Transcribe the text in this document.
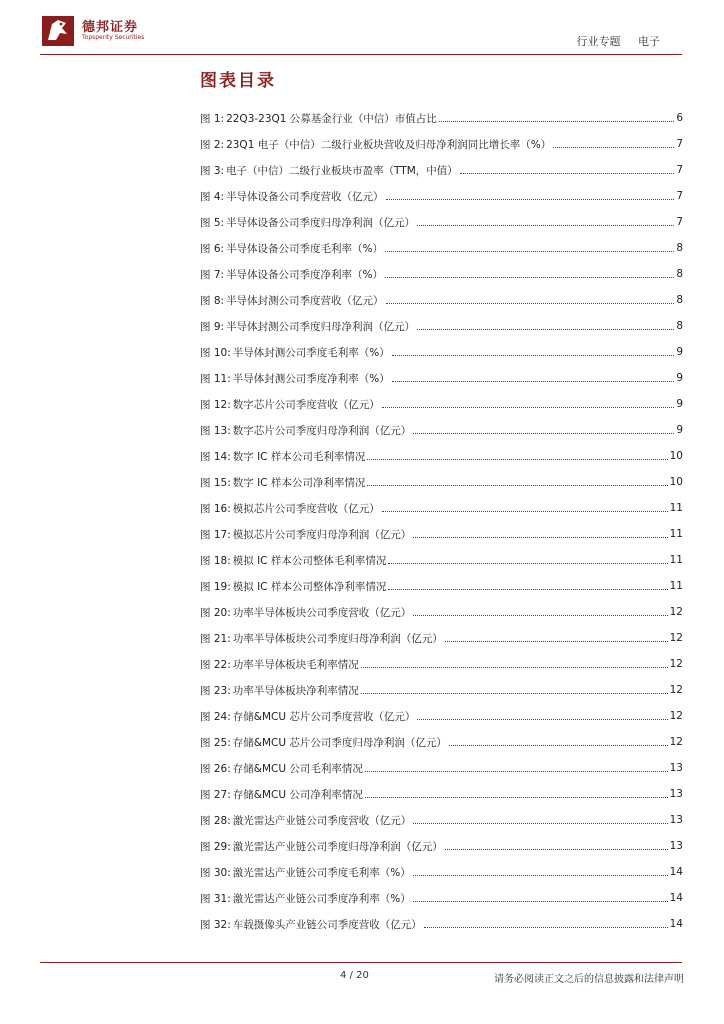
德邦证券
Topsperity Securities	行业专题 电子
图表目录
图 1: 22Q3-23Q1 公募基金行业（中信）市值占比	6
图 2: 23Q1 电子（中信）二级行业板块营收及归母净利润同比增长率（%）	7
图 3: 电子（中信）二级行业板块市盈率（TTM，中值）	7
图 4: 半导体设备公司季度营收（亿元）	7
图 5: 半导体设备公司季度归母净利润（亿元）	7
图 6: 半导体设备公司季度毛利率（%）	8
图 7: 半导体设备公司季度净利率（%）	8
图 8: 半导体封测公司季度营收（亿元）	8
图 9: 半导体封测公司季度归母净利润（亿元）	8
图 10: 半导体封测公司季度毛利率（%）	9
图 11: 半导体封测公司季度净利率（%）	9
图 12: 数字芯片公司季度营收（亿元）	9
图 13: 数字芯片公司季度归母净利润（亿元）	9
图 14: 数字 IC 样本公司毛利率情况	10
图 15: 数字 IC 样本公司净利率情况	10
图 16: 模拟芯片公司季度营收（亿元）	11
图 17: 模拟芯片公司季度归母净利润（亿元）	11
图 18: 模拟 IC 样本公司整体毛利率情况	11
图 19: 模拟 IC 样本公司整体净利率情况	11
图 20: 功率半导体板块公司季度营收（亿元）	12
图 21: 功率半导体板块公司季度归母净利润（亿元）	12
图 22: 功率半导体板块毛利率情况	12
图 23: 功率半导体板块净利率情况	12
图 24: 存储&MCU 芯片公司季度营收（亿元）	12
图 25: 存储&MCU 芯片公司季度归母净利润（亿元）	12
图 26: 存储&MCU 公司毛利率情况	13
图 27: 存储&MCU 公司净利率情况	13
图 28: 激光雷达产业链公司季度营收（亿元）	13
图 29: 激光雷达产业链公司季度归母净利润（亿元）	13
图 30: 激光雷达产业链公司季度毛利率（%）	14
图 31: 激光雷达产业链公司季度净利率（%）	14
图 32: 车载摄像头产业链公司季度营收（亿元）	14
4 / 20	请务必阅读正文之后的信息披露和法律声明
